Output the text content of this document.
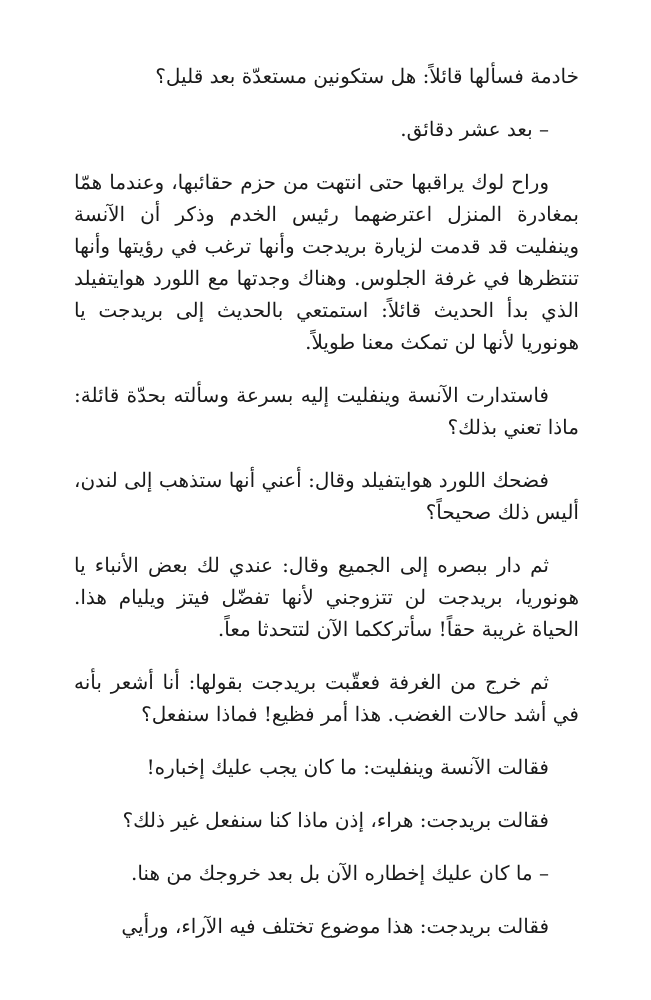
خادمة فسألها قائلاً: هل ستكونين مستعدّة بعد قليل؟

– بعد عشر دقائق.

وراح لوك يراقبها حتى انتهت من حزم حقائبها، وعندما همّا بمغادرة المنزل اعترضهما رئيس الخدم وذكر أن الآنسة وينفليت قد قدمت لزيارة بريدجت وأنها ترغب في رؤيتها وأنها تنتظرها في غرفة الجلوس. وهناك وجدتها مع اللورد هوايتفيلد الذي بدأ الحديث قائلاً: استمتعي بالحديث إلى بريدجت يا هونوريا لأنها لن تمكث معنا طويلاً.

فاستدارت الآنسة وينفليت إليه بسرعة وسألته بحدّة قائلة: ماذا تعني بذلك؟

فضحك اللورد هوايتفيلد وقال: أعني أنها ستذهب إلى لندن، أليس ذلك صحيحاً؟

ثم دار ببصره إلى الجميع وقال: عندي لك بعض الأنباء يا هونوريا، بريدجت لن تتزوجني لأنها تفضّل فيتز ويليام هذا. الحياة غريبة حقاً! سأترككما الآن لتتحدثا معاً.

ثم خرج من الغرفة فعقّبت بريدجت بقولها: أنا أشعر بأنه في أشد حالات الغضب. هذا أمر فظيع! فماذا سنفعل؟

فقالت الآنسة وينفليت: ما كان يجب عليك إخباره!

فقالت بريدجت: هراء، إذن ماذا كنا سنفعل غير ذلك؟

– ما كان عليك إخطاره الآن بل بعد خروجك من هنا.

فقالت بريدجت: هذا موضوع تختلف فيه الآراء، ورأيي
